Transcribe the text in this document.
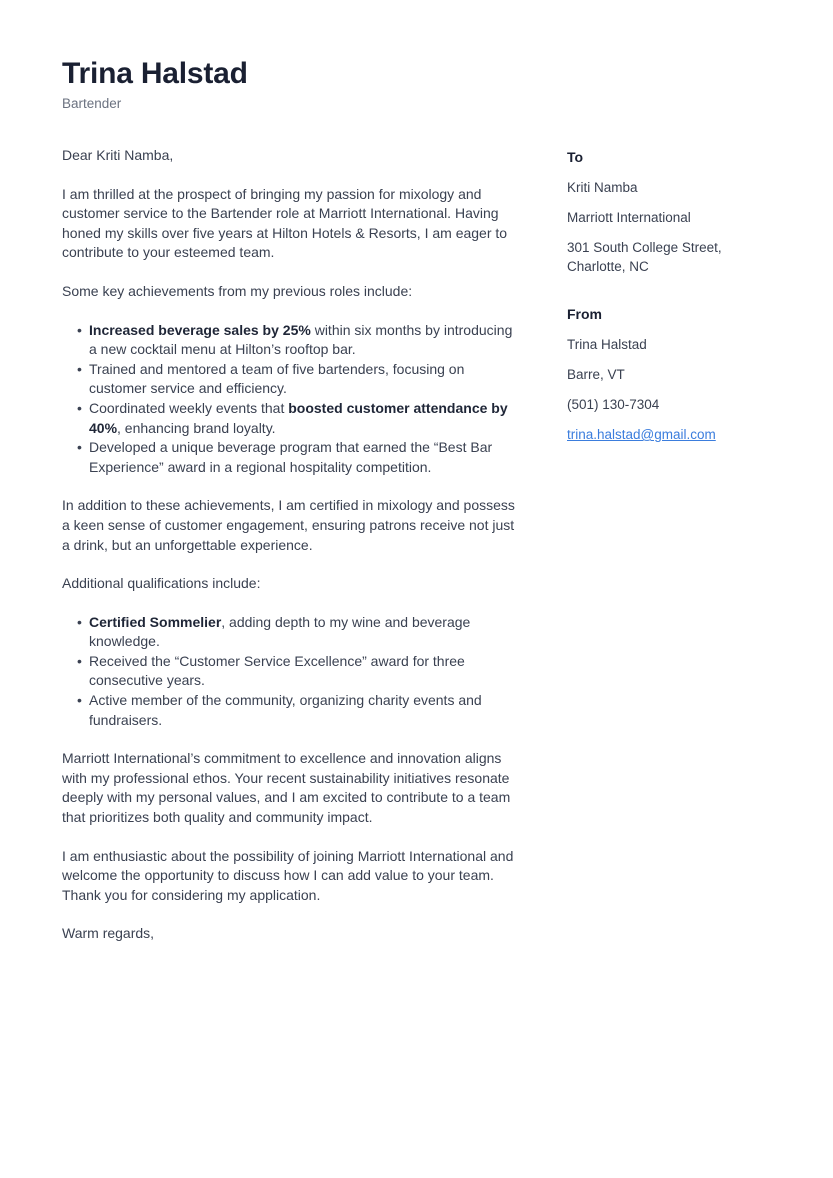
Trina Halstad

Bartender

Dear Kriti Namba,

I am thrilled at the prospect of bringing my passion for mixology and customer service to the Bartender role at Marriott International. Having honed my skills over five years at Hilton Hotels & Resorts, I am eager to contribute to your esteemed team.

Some key achievements from my previous roles include:

• Increased beverage sales by 25% within six months by introducing a new cocktail menu at Hilton’s rooftop bar.
• Trained and mentored a team of five bartenders, focusing on customer service and efficiency.
• Coordinated weekly events that boosted customer attendance by 40%, enhancing brand loyalty.
• Developed a unique beverage program that earned the “Best Bar Experience” award in a regional hospitality competition.

In addition to these achievements, I am certified in mixology and possess a keen sense of customer engagement, ensuring patrons receive not just a drink, but an unforgettable experience.

Additional qualifications include:

• Certified Sommelier, adding depth to my wine and beverage knowledge.
• Received the “Customer Service Excellence” award for three consecutive years.
• Active member of the community, organizing charity events and fundraisers.

Marriott International’s commitment to excellence and innovation aligns with my professional ethos. Your recent sustainability initiatives resonate deeply with my personal values, and I am excited to contribute to a team that prioritizes both quality and community impact.

I am enthusiastic about the possibility of joining Marriott International and welcome the opportunity to discuss how I can add value to your team. Thank you for considering my application.

Warm regards,

To

Kriti Namba

Marriott International

301 South College Street,
Charlotte, NC

From

Trina Halstad

Barre, VT

(501) 130-7304

trina.halstad@gmail.com
